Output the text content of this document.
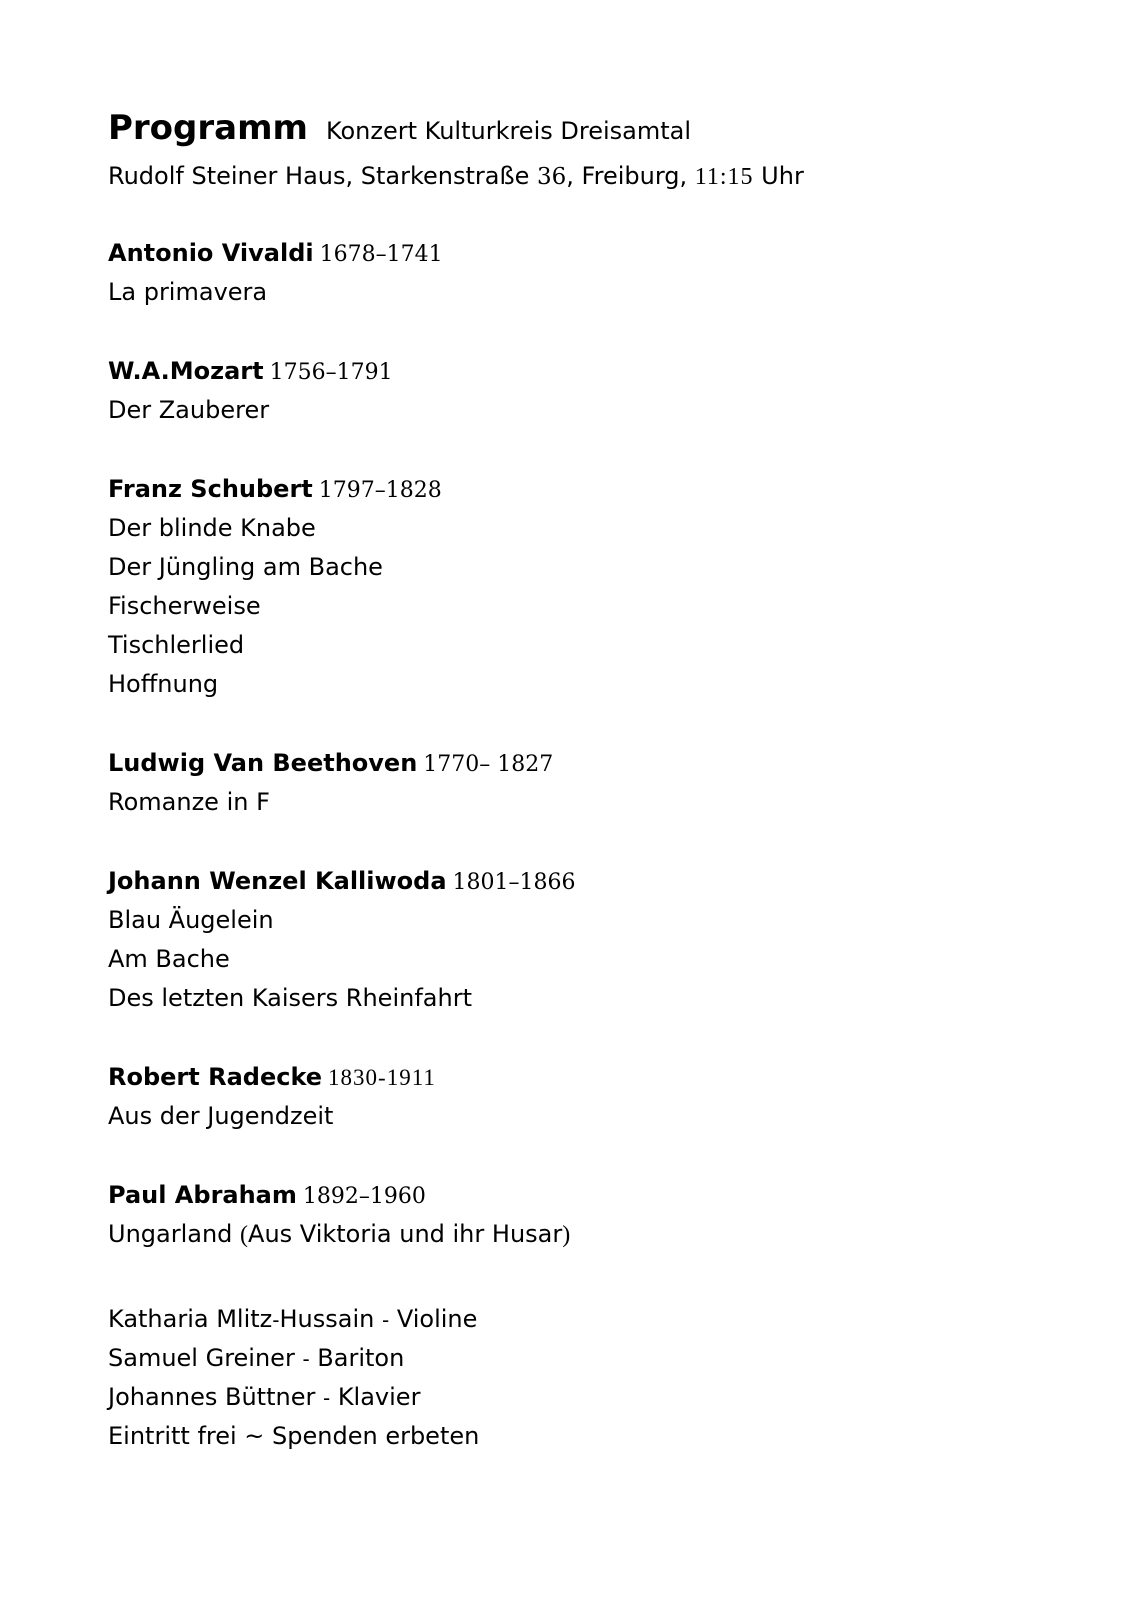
Programm Konzert Kulturkreis Dreisamtal
Rudolf Steiner Haus, Starkenstraße 36, Freiburg, 11:15 Uhr
Antonio Vivaldi 1678–1741
La primavera
W.A.Mozart 1756–1791
Der Zauberer
Franz Schubert 1797–1828
Der blinde Knabe
Der Jüngling am Bache
Fischerweise
Tischlerlied
Hoffnung
Ludwig Van Beethoven 1770– 1827
Romanze in F
Johann Wenzel Kalliwoda 1801–1866
Blau Äugelein
Am Bache
Des letzten Kaisers Rheinfahrt
Robert Radecke 1830-1911
Aus der Jugendzeit
Paul Abraham 1892–1960
Ungarland (Aus Viktoria und ihr Husar)
Katharia Mlitz-Hussain - Violine
Samuel Greiner - Bariton
Johannes Büttner - Klavier
Eintritt frei ~ Spenden erbeten
